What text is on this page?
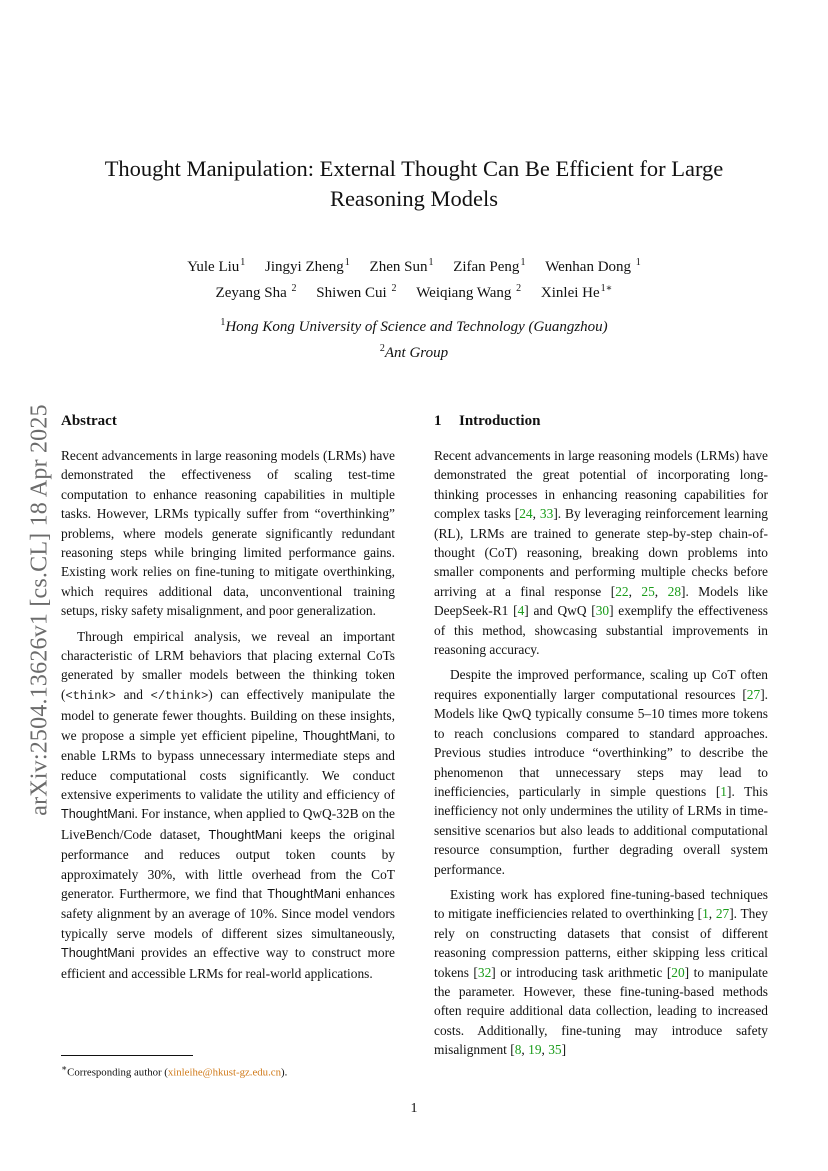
arXiv:2504.13626v1 [cs.CL] 18 Apr 2025
Thought Manipulation: External Thought Can Be Efficient for Large Reasoning Models
Yule Liu$^1$ Jingyi Zheng$^1$ Zhen Sun$^1$ Zifan Peng$^1$ Wenhan Dong $^1$
Zeyang Sha $^2$ Shiwen Cui $^2$ Weiqiang Wang $^2$ Xinlei $He^{1∗}$
$^1$Hong Kong University of Science and Technology (Guangzhou)
$^2$Ant Group
Abstract

Recent advancements in large reasoning models (LRMs) have demonstrated the effectiveness of scaling test-time computation to enhance reasoning capabilities in multiple tasks. However, LRMs typically suffer from “overthinking” problems, where models generate significantly redundant reasoning steps while bringing limited performance gains. Existing work relies on fine-tuning to mitigate overthinking, which requires additional data, unconventional training setups, risky safety misalignment, and poor generalization.

Through empirical analysis, we reveal an important characteristic of LRM behaviors that placing external CoTs generated by smaller models between the thinking token (<think> and </think>) can effectively manipulate the model to generate fewer thoughts. Building on these insights, we propose a simple yet efficient pipeline, ThoughtMani, to enable LRMs to bypass unnecessary intermediate steps and reduce computational costs significantly. We conduct extensive experiments to validate the utility and efficiency of ThoughtMani. For instance, when applied to QwQ-32B on the LiveBench/Code dataset, ThoughtMani keeps the original performance and reduces output token counts by approximately 30%, with little overhead from the CoT generator. Furthermore, we find that ThoughtMani enhances safety alignment by an average of 10%. Since model vendors typically serve models of different sizes simultaneously, ThoughtMani provides an effective way to construct more efficient and accessible LRMs for real-world applications.

1 Introduction

Recent advancements in large reasoning models (LRMs) have demonstrated the great potential of incorporating long-thinking processes in enhancing reasoning capabilities for complex tasks [24, 33]. By leveraging reinforcement learning (RL), LRMs are trained to generate step-by-step chain-of-thought (CoT) reasoning, breaking down problems into smaller components and performing multiple checks before arriving at a final response [22, 25, 28]. Models like DeepSeek-R1 [4] and QwQ [30] exemplify the effectiveness of this method, showcasing substantial improvements in reasoning accuracy.

Despite the improved performance, scaling up CoT often requires exponentially larger computational resources [27]. Models like QwQ typically consume 5–10 times more tokens to reach conclusions compared to standard approaches. Previous studies introduce “overthinking” to describe the phenomenon that unnecessary steps may lead to inefficiencies, particularly in simple questions [1]. This inefficiency not only undermines the utility of LRMs in time-sensitive scenarios but also leads to additional computational resource consumption, further degrading overall system performance.

Existing work has explored fine-tuning-based techniques to mitigate inefficiencies related to overthinking [1, 27]. They rely on constructing datasets that consist of different reasoning compression patterns, either skipping less critical tokens [32] or introducing task arithmetic [20] to manipulate the parameter. However, these fine-tuning-based methods often require additional data collection, leading to increased costs. Additionally, fine-tuning may introduce safety misalignment [8, 19, 35]

∗Corresponding author (xinleihe@hkust-gz.edu.cn).
1
